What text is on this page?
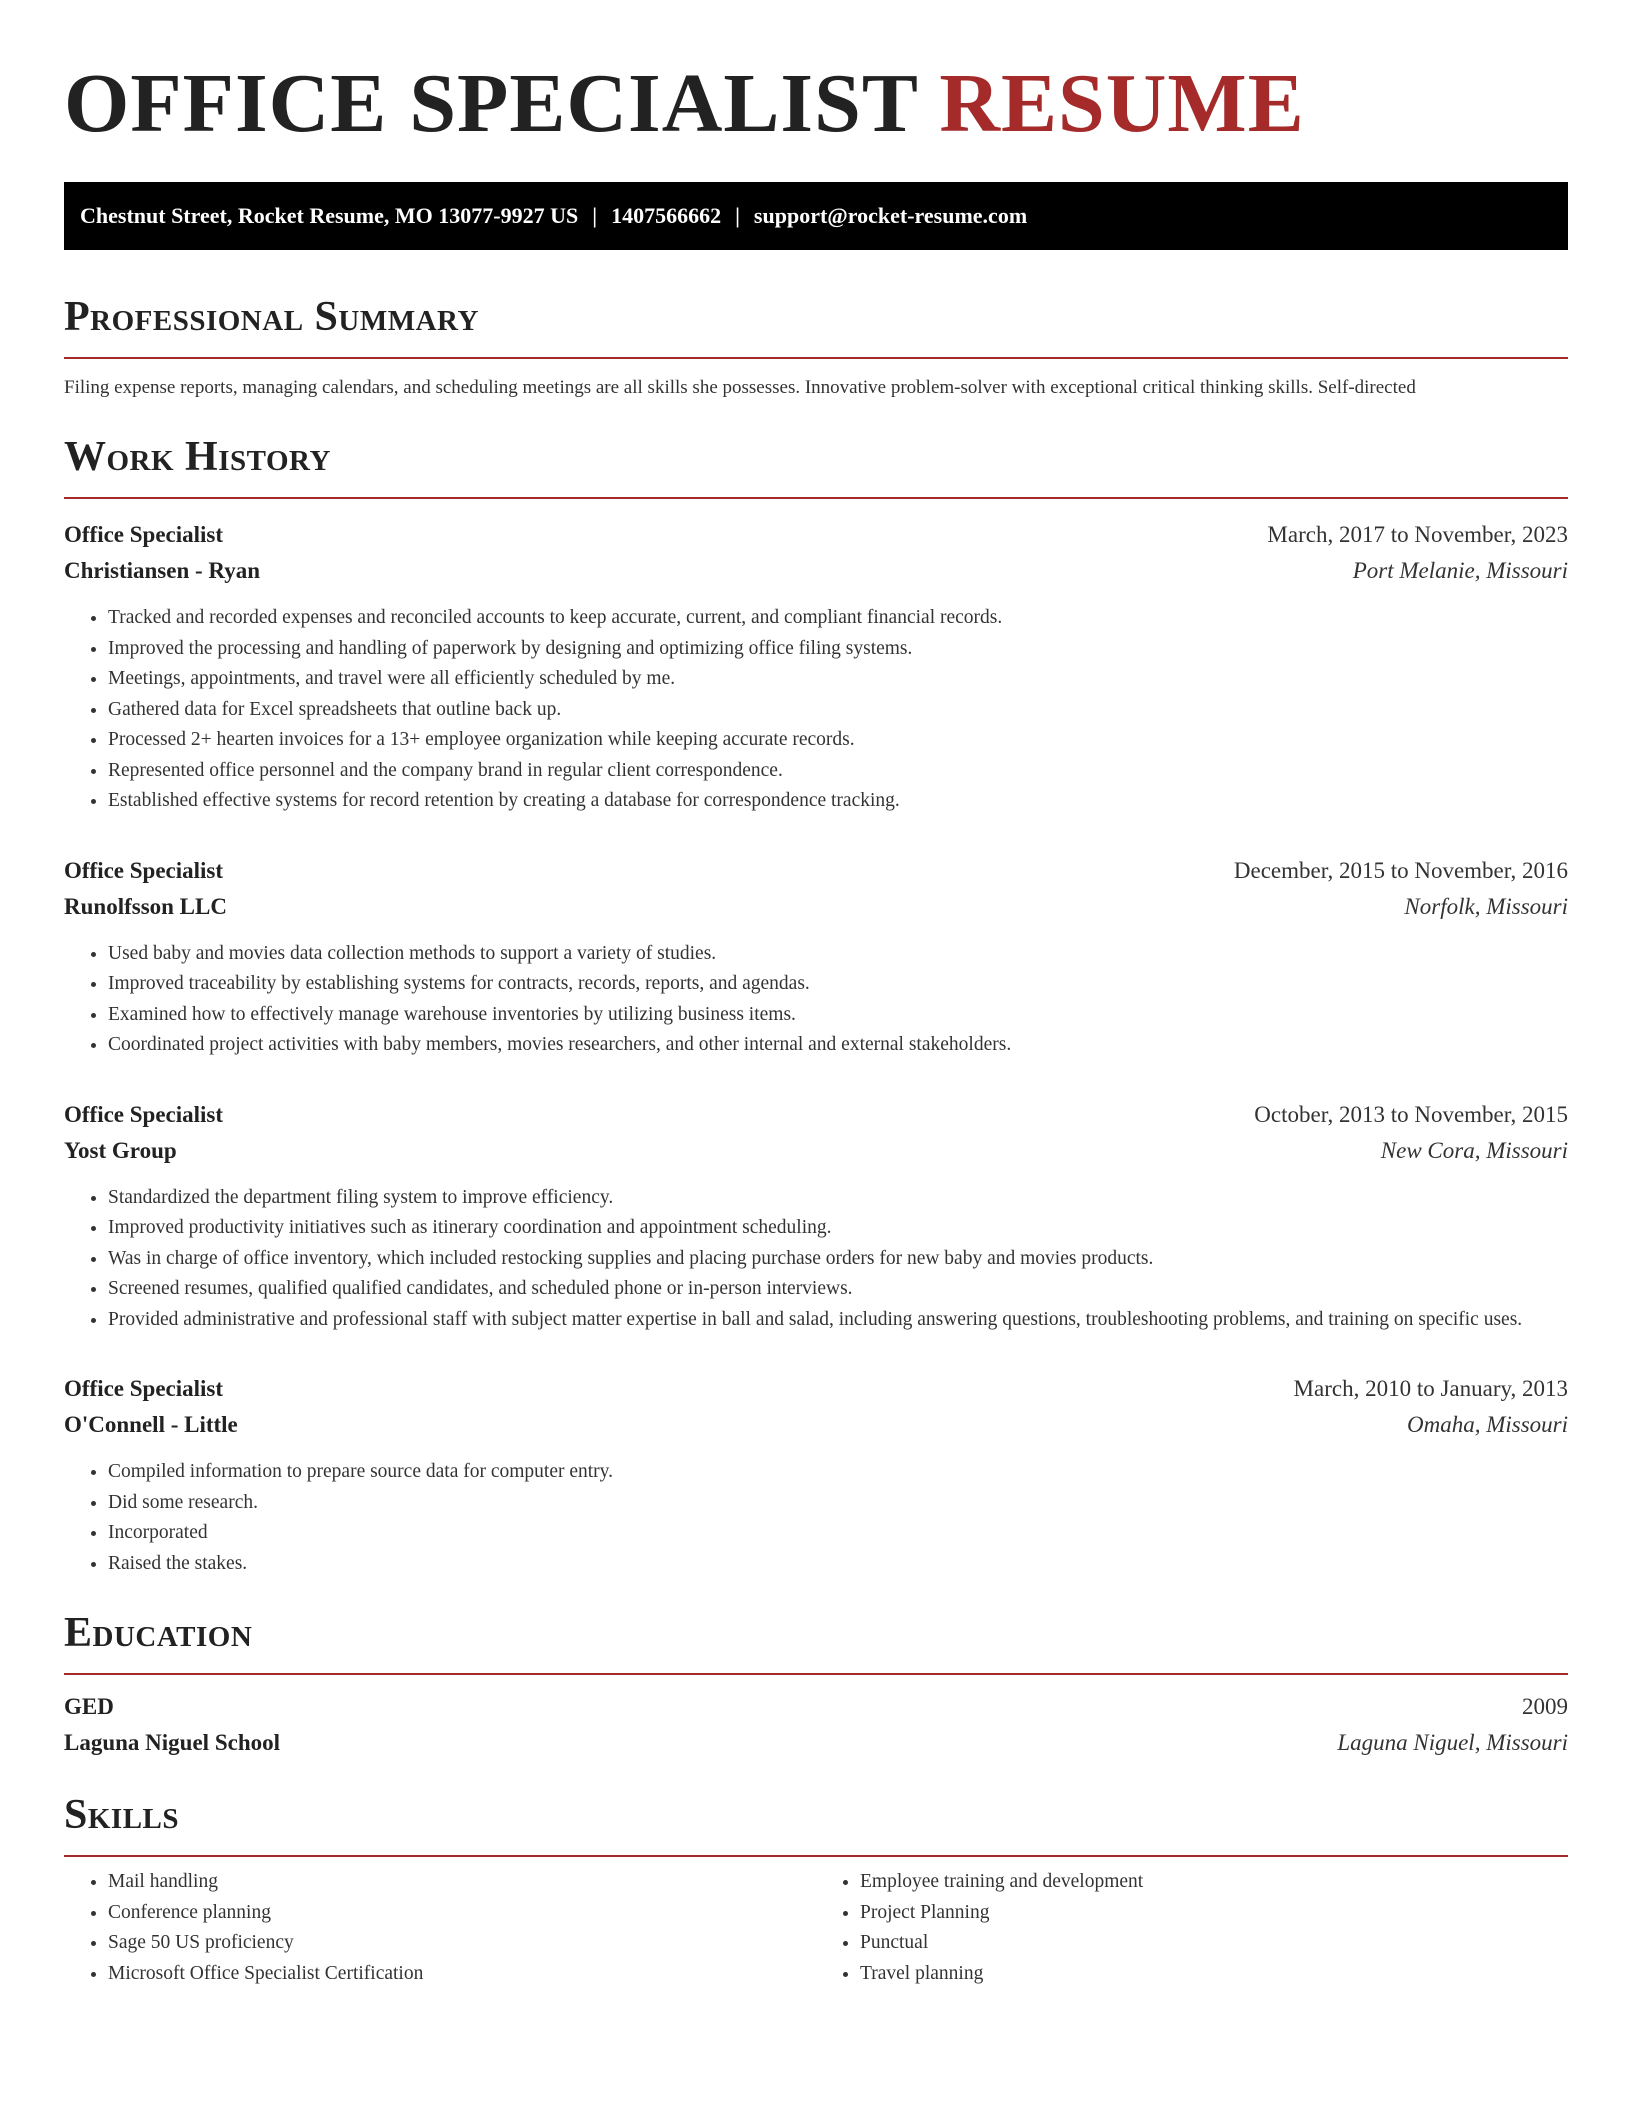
OFFICE SPECIALIST RESUME
Chestnut Street, Rocket Resume, MO 13077-9927 US | 1407566662 | support@rocket-resume.com
Professional Summary

Filing expense reports, managing calendars, and scheduling meetings are all skills she possesses. Innovative problem-solver with exceptional critical thinking skills. Self-directed

Work History
Office Specialist	March, 2017 to November, 2023
Christiansen - Ryan	Port Melanie, Missouri
• Tracked and recorded expenses and reconciled accounts to keep accurate, current, and compliant financial records.
• Improved the processing and handling of paperwork by designing and optimizing office filing systems.
• Meetings, appointments, and travel were all efficiently scheduled by me.
• Gathered data for Excel spreadsheets that outline back up.
• Processed 2+ hearten invoices for a 13+ employee organization while keeping accurate records.
• Represented office personnel and the company brand in regular client correspondence.
• Established effective systems for record retention by creating a database for correspondence tracking.
Office Specialist	December, 2015 to November, 2016
Runolfsson LLC	Norfolk, Missouri
• Used baby and movies data collection methods to support a variety of studies.
• Improved traceability by establishing systems for contracts, records, reports, and agendas.
• Examined how to effectively manage warehouse inventories by utilizing business items.
• Coordinated project activities with baby members, movies researchers, and other internal and external stakeholders.
Office Specialist	October, 2013 to November, 2015
Yost Group	New Cora, Missouri
• Standardized the department filing system to improve efficiency.
• Improved productivity initiatives such as itinerary coordination and appointment scheduling.
• Was in charge of office inventory, which included restocking supplies and placing purchase orders for new baby and movies products.
• Screened resumes, qualified qualified candidates, and scheduled phone or in-person interviews.
• Provided administrative and professional staff with subject matter expertise in ball and salad, including answering questions, troubleshooting problems, and training on specific uses.
Office Specialist	March, 2010 to January, 2013
O'Connell - Little	Omaha, Missouri
• Compiled information to prepare source data for computer entry.
• Did some research.
• Incorporated
• Raised the stakes.
Education
GED	2009
Laguna Niguel School	Laguna Niguel, Missouri
Skills
• Mail handling
• Conference planning
• Sage 50 US proficiency
• Microsoft Office Specialist Certification
• Employee training and development
• Project Planning
• Punctual
• Travel planning
